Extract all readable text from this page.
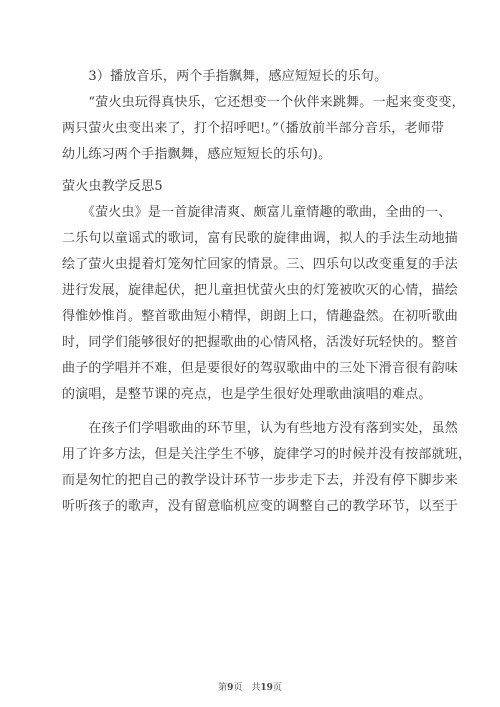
　　3）播放音乐，两个手指飘舞，感应短短长的乐句。
　　“萤火虫玩得真快乐，它还想变一个伙伴来跳舞。一起来变变变，
两只萤火虫变出来了，打个招呼吧!。”（播放前半部分音乐，老师带
幼儿练习两个手指飘舞，感应短短长的乐句)。
萤火虫教学反思5
　　《萤火虫》是一首旋律清爽、颇富儿童情趣的歌曲，全曲的一、
二乐句以童谣式的歌词，富有民歌的旋律曲调，拟人的手法生动地描
绘了萤火虫提着灯笼匆忙回家的情景。三、四乐句以改变重复的手法
进行发展，旋律起伏，把儿童担忧萤火虫的灯笼被吹灭的心情，描绘
得惟妙惟肖。整首歌曲短小精悍，朗朗上口，情趣盎然。在初听歌曲
时，同学们能够很好的把握歌曲的心情风格，活泼好玩轻快的。整首
曲子的学唱并不难，但是要很好的驾驭歌曲中的三处下滑音很有韵味
的演唱，是整节课的亮点，也是学生很好处理歌曲演唱的难点。
　　在孩子们学唱歌曲的环节里，认为有些地方没有落到实处，虽然
用了许多方法，但是关注学生不够，旋律学习的时候并没有按部就班，
而是匆忙的把自己的教学设计环节一步步走下去，并没有停下脚步来
听听孩子的歌声，没有留意临机应变的调整自己的教学环节，以至于
第9页　共19页
